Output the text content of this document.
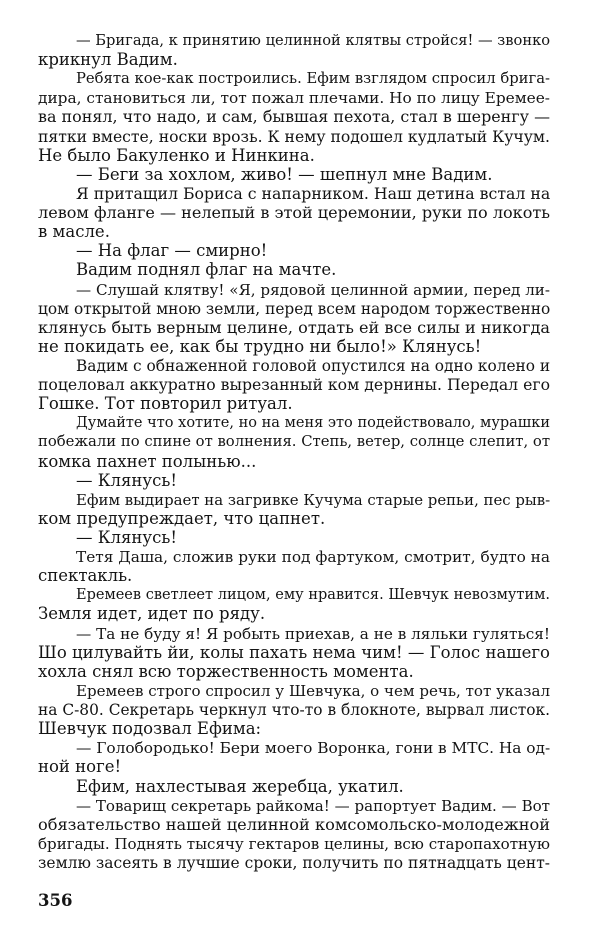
— Бригада, к принятию целинной клятвы стройся! — звонко
крикнул Вадим.
Ребята кое-как построились. Ефим взглядом спросил брига-
дира, становиться ли, тот пожал плечами. Но по лицу Еремее-
ва понял, что надо, и сам, бывшая пехота, стал в шеренгу —
пятки вместе, носки врозь. К нему подошел кудлатый Кучум.
Не было Бакуленко и Нинкина.
— Беги за хохлом, живо! — шепнул мне Вадим.
Я притащил Бориса с напарником. Наш детина встал на
левом фланге — нелепый в этой церемонии, руки по локоть
в масле.
— На флаг — смирно!
Вадим поднял флаг на мачте.
— Слушай клятву! «Я, рядовой целинной армии, перед ли-
цом открытой мною земли, перед всем народом торжественно
клянусь быть верным целине, отдать ей все силы и никогда
не покидать ее, как бы трудно ни было!» Клянусь!
Вадим с обнаженной головой опустился на одно колено и
поцеловал аккуратно вырезанный ком дернины. Передал его
Гошке. Тот повторил ритуал.
Думайте что хотите, но на меня это подействовало, мурашки
побежали по спине от волнения. Степь, ветер, солнце слепит, от
комка пахнет полынью...
— Клянусь!
Ефим выдирает на загривке Кучума старые репьи, пес рыв-
ком предупреждает, что цапнет.
— Клянусь!
Тетя Даша, сложив руки под фартуком, смотрит, будто на
спектакль.
Еремеев светлеет лицом, ему нравится. Шевчук невозмутим.
Земля идет, идет по ряду.
— Та не буду я! Я робыть приехав, а не в ляльки гуляться!
Шо цилувайть йи, колы пахать нема чим! — Голос нашего
хохла снял всю торжественность момента.
Еремеев строго спросил у Шевчука, о чем речь, тот указал
на С-80. Секретарь черкнул что-то в блокноте, вырвал листок.
Шевчук подозвал Ефима:
— Голобородько! Бери моего Воронка, гони в МТС. На од-
ной ноге!
Ефим, нахлестывая жеребца, укатил.
— Товарищ секретарь райкома! — рапортует Вадим. — Вот
обязательство нашей целинной комсомольско-молодежной
бригады. Поднять тысячу гектаров целины, всю старопахотную
землю засеять в лучшие сроки, получить по пятнадцать цент-
356
